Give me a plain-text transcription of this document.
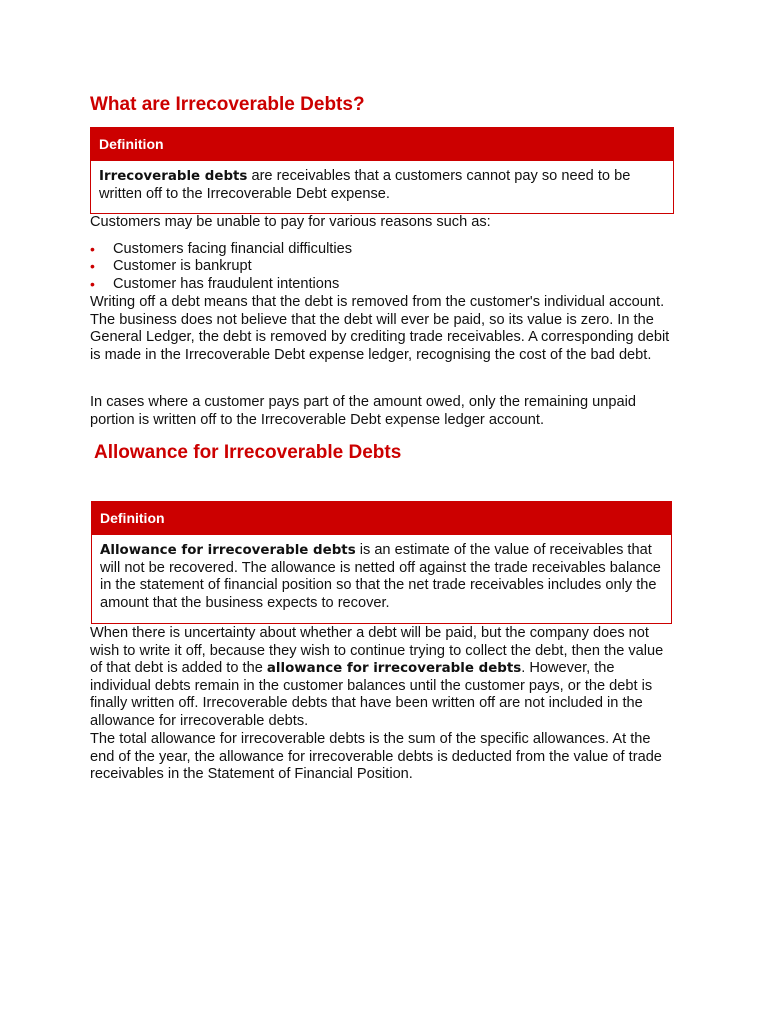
What are Irrecoverable Debts?
Definition
Irrecoverable debts are receivables that a customers cannot pay so need to be written off to the Irrecoverable Debt expense.

Customers may be unable to pay for various reasons such as:

• Customers facing financial difficulties
• Customer is bankrupt
• Customer has fraudulent intentions

Writing off a debt means that the debt is removed from the customer's individual account. The business does not believe that the debt will ever be paid, so its value is zero. In the General Ledger, the debt is removed by crediting trade receivables. A corresponding debit is made in the Irrecoverable Debt expense ledger, recognising the cost of the bad debt.

In cases where a customer pays part of the amount owed, only the remaining unpaid portion is written off to the Irrecoverable Debt expense ledger account.

Allowance for Irrecoverable Debts
Definition
Allowance for irrecoverable debts is an estimate of the value of receivables that will not be recovered. The allowance is netted off against the trade receivables balance in the statement of financial position so that the net trade receivables includes only the amount that the business expects to recover.

When there is uncertainty about whether a debt will be paid, but the company does not wish to write it off, because they wish to continue trying to collect the debt, then the value of that debt is added to the allowance for irrecoverable debts. However, the individual debts remain in the customer balances until the customer pays, or the debt is finally written off. Irrecoverable debts that have been written off are not included in the allowance for irrecoverable debts.

The total allowance for irrecoverable debts is the sum of the specific allowances. At the end of the year, the allowance for irrecoverable debts is deducted from the value of trade receivables in the Statement of Financial Position.
